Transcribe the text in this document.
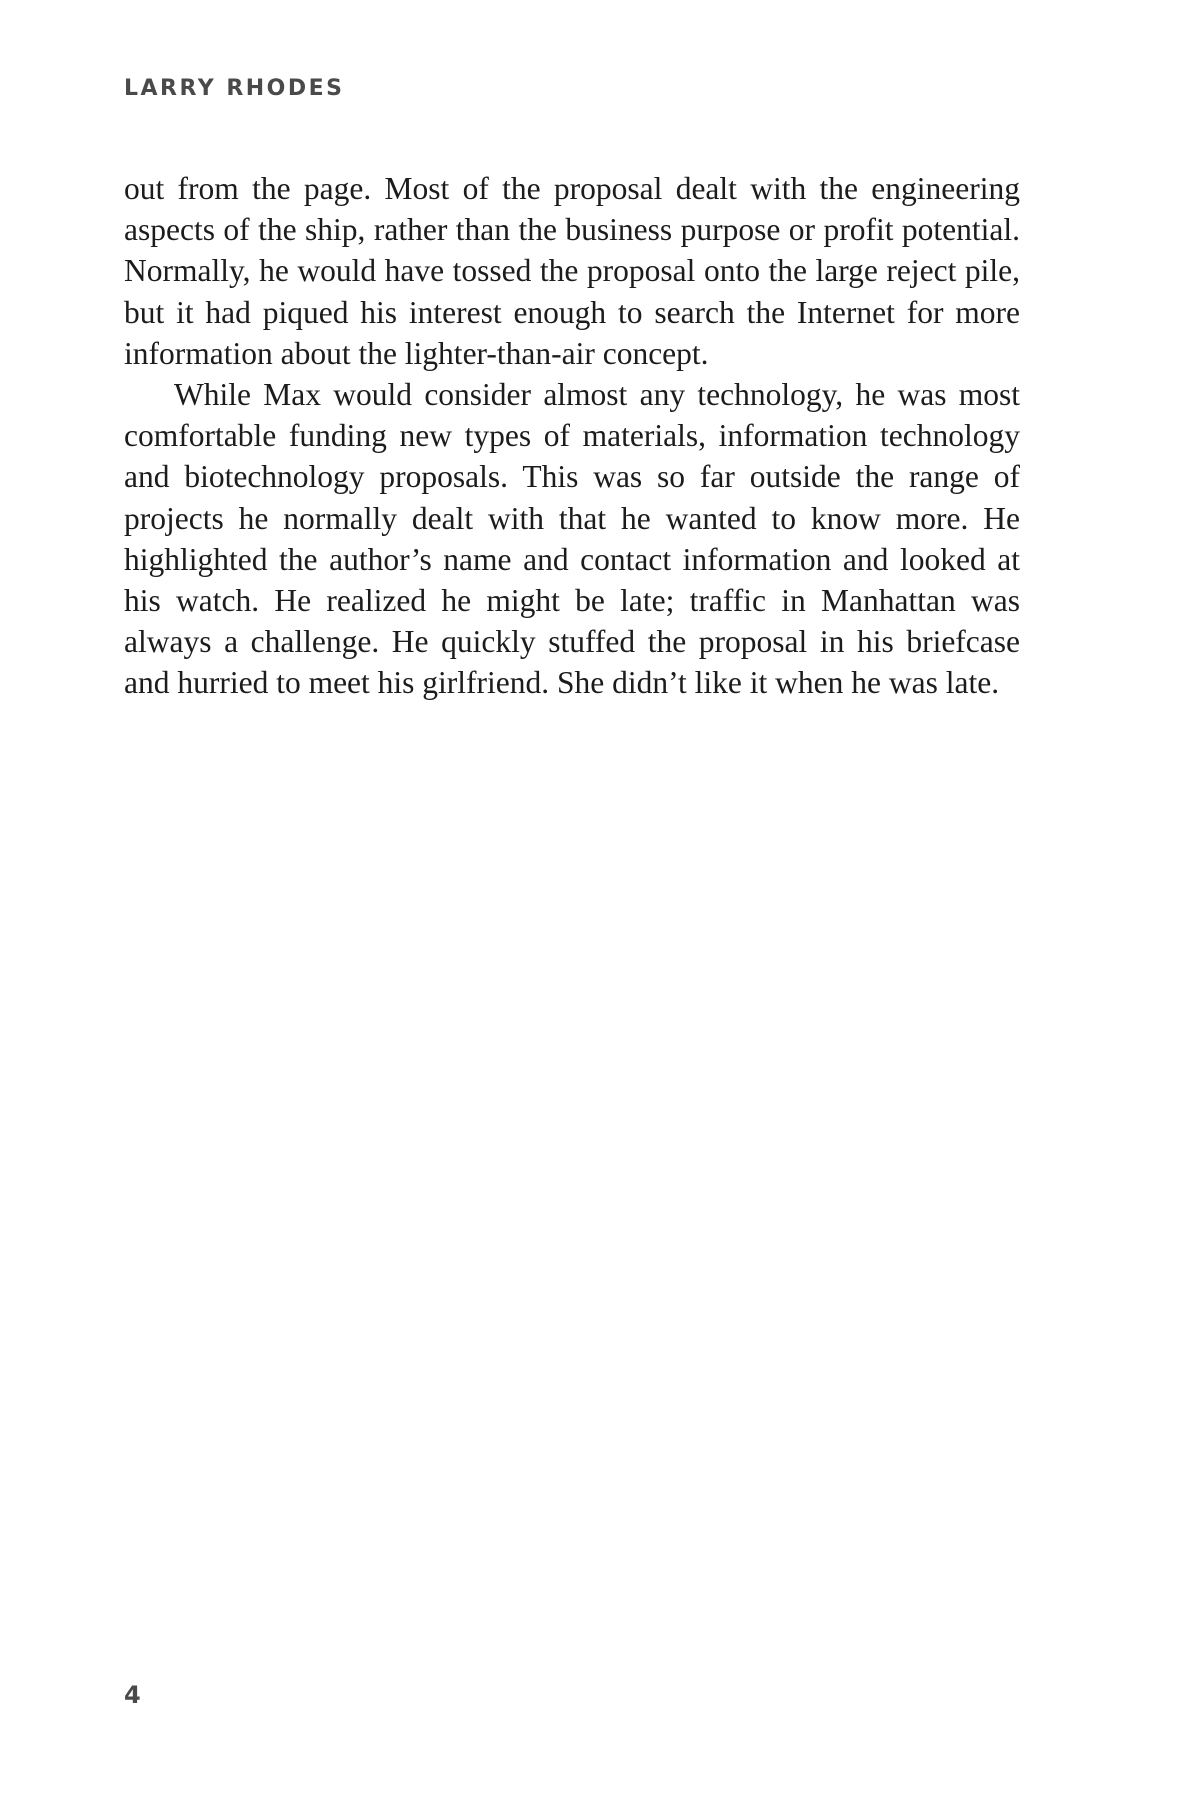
LARRY RHODES

out from the page. Most of the proposal dealt with the engineering aspects of the ship, rather than the business purpose or profit potential. Normally, he would have tossed the proposal onto the large reject pile, but it had piqued his interest enough to search the Internet for more information about the lighter-than-air concept.

While Max would consider almost any technology, he was most comfortable funding new types of materials, information technology and biotechnology proposals. This was so far outside the range of projects he normally dealt with that he wanted to know more. He highlighted the author’s name and contact information and looked at his watch. He realized he might be late; traffic in Manhattan was always a challenge. He quickly stuffed the proposal in his briefcase and hurried to meet his girlfriend. She didn’t like it when he was late.

4
